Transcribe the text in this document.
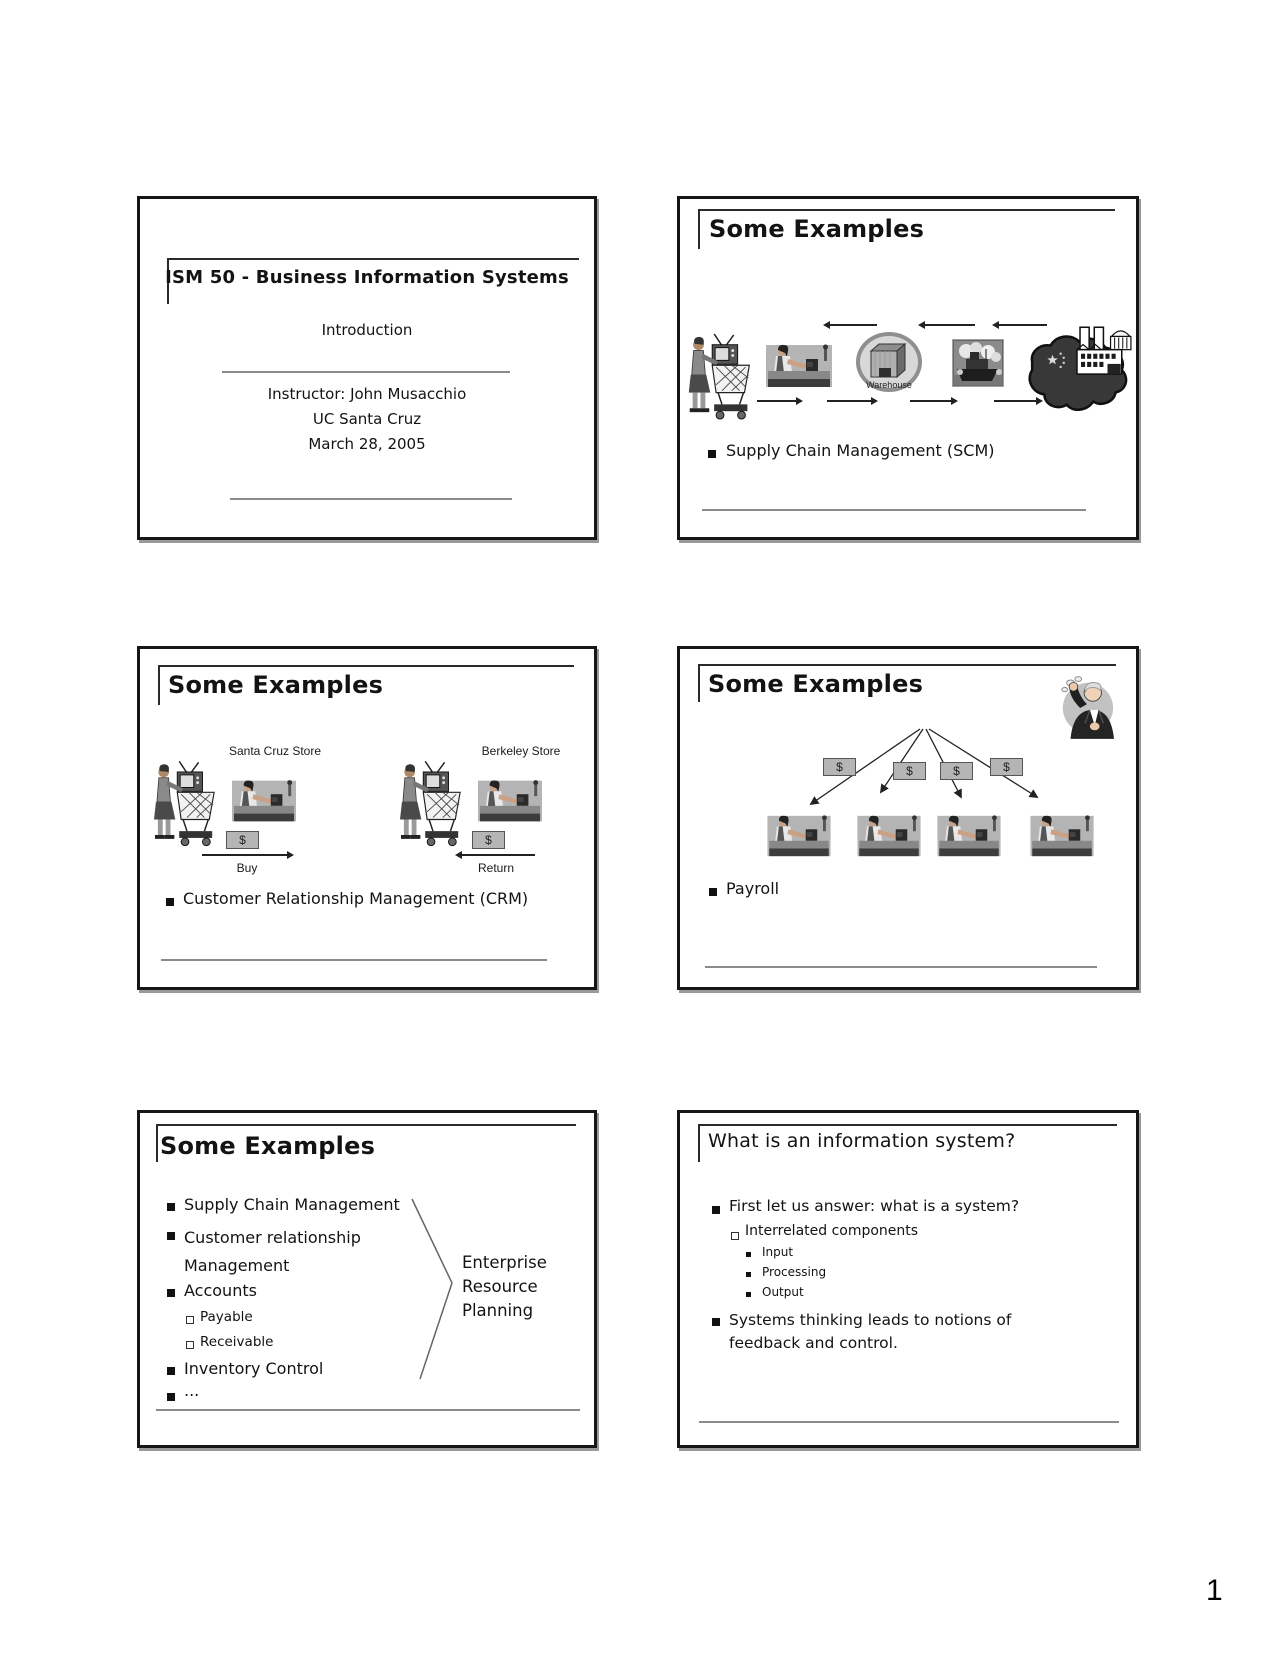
ISM 50 - Business Information Systems
Introduction
Instructor: John Musacchio
UC Santa Cruz
March 28, 2005
Some Examples
Warehouse
Supply Chain Management (SCM)
Some Examples
Santa Cruz Store
$
Buy
Berkeley Store
$
Return
Customer Relationship Management (CRM)
Some Examples
$	$	$	$
Payroll
Some Examples
Supply Chain Management
Customer relationship Management
Accounts
Payable
Receivable
Inventory Control
...
Enterprise Resource Planning
What is an information system?
First let us answer: what is a system?
Interrelated components
Input
Processing
Output
Systems thinking leads to notions of feedback and control.
1
